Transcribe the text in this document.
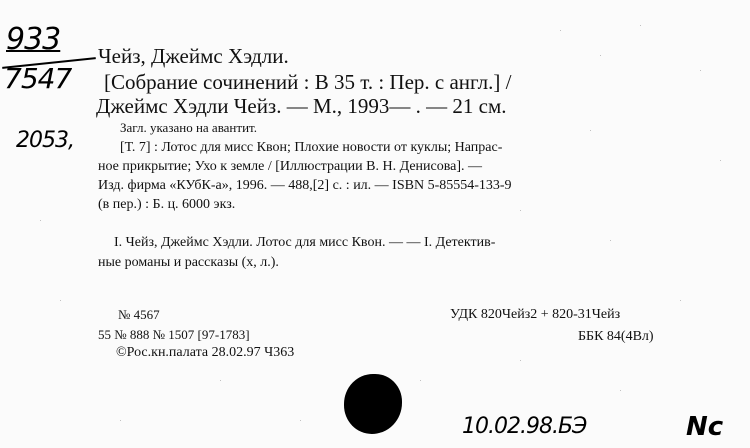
933
7547
2053,
Чейз, Джеймс Хэдли.
[Собрание сочинений : В 35 т. : Пер. с англ.] /
Джеймс Хэдли Чейз. — М., 1993— . — 21 см.
Загл. указано на авантит.
[Т. 7] : Лотос для мисс Квон; Плохие новости от куклы; Напрас-
ное прикрытие; Ухо к земле / [Иллюстрации В. Н. Денисова]. —
Изд. фирма «КУбК-а», 1996. — 488,[2] с. : ил. — ISBN 5-85554-133-9
(в пер.) : Б. ц. 6000 экз.
I. Чейз, Джеймс Хэдли. Лотос для мисс Квон. — — I. Детектив-
ные романы и рассказы (х, л.).
№ 4567
55 № 888 № 1507 [97-1783]
©Рос.кн.палата 28.02.97 Ч363
УДК 820Чейз2 + 820-31Чейз
ББК 84(4Вл)
10.02.98.БЭ	Nc
